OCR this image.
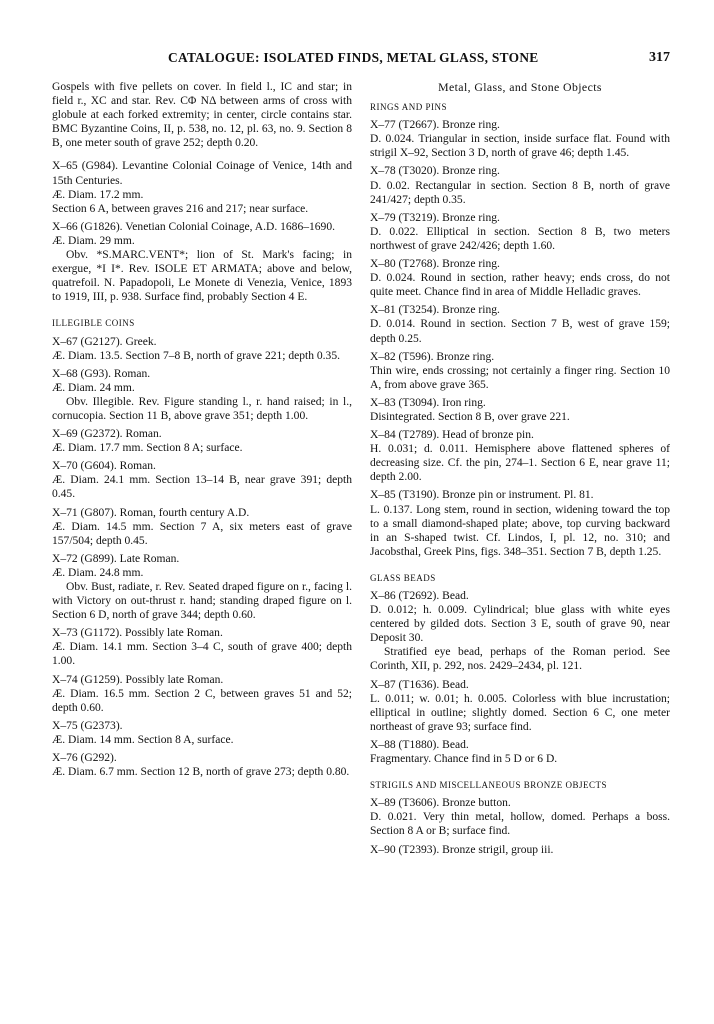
CATALOGUE: ISOLATED FINDS, METAL GLASS, STONE	317

Gospels with five pellets on cover. In field l., IC and star; in field r., XC and star. Rev. CΦ NΔ between arms of cross with globule at each forked extremity; in center, circle contains star. BMC Byzantine Coins, II, p. 538, no. 12, pl. 63, no. 9. Section 8 B, one meter south of grave 252; depth 0.20.

X–65 (G984). Levantine Colonial Coinage of Venice, 14th and 15th Centuries.

Æ. Diam. 17.2 mm.

Section 6 A, between graves 216 and 217; near surface.

X–66 (G1826). Venetian Colonial Coinage, A.D. 1686–1690.

Æ. Diam. 29 mm.

Obv. *S.MARC.VENT*; lion of St. Mark's facing; in exergue, *I I*. Rev. ISOLE ET ARMATA; above and below, quatrefoil. N. Papadopoli, Le Monete di Venezia, Venice, 1893 to 1919, III, p. 938. Surface find, probably Section 4 E.

ILLEGIBLE COINS

X–67 (G2127). Greek.

Æ. Diam. 13.5. Section 7–8 B, north of grave 221; depth 0.35.

X–68 (G93). Roman.

Æ. Diam. 24 mm.

Obv. Illegible. Rev. Figure standing l., r. hand raised; in l., cornucopia. Section 11 B, above grave 351; depth 1.00.

X–69 (G2372). Roman.

Æ. Diam. 17.7 mm. Section 8 A; surface.

X–70 (G604). Roman.

Æ. Diam. 24.1 mm. Section 13–14 B, near grave 391; depth 0.45.

X–71 (G807). Roman, fourth century A.D.

Æ. Diam. 14.5 mm. Section 7 A, six meters east of grave 157/504; depth 0.45.

X–72 (G899). Late Roman.

Æ. Diam. 24.8 mm.

Obv. Bust, radiate, r. Rev. Seated draped figure on r., facing l. with Victory on out-thrust r. hand; standing draped figure on l. Section 6 D, north of grave 344; depth 0.60.

X–73 (G1172). Possibly late Roman.

Æ. Diam. 14.1 mm. Section 3–4 C, south of grave 400; depth 1.00.

X–74 (G1259). Possibly late Roman.

Æ. Diam. 16.5 mm. Section 2 C, between graves 51 and 52; depth 0.60.

X–75 (G2373).

Æ. Diam. 14 mm. Section 8 A, surface.

X–76 (G292).

Æ. Diam. 6.7 mm. Section 12 B, north of grave 273; depth 0.80.

Metal, Glass, and Stone Objects

RINGS AND PINS

X–77 (T2667). Bronze ring.

D. 0.024. Triangular in section, inside surface flat. Found with strigil X–92, Section 3 D, north of grave 46; depth 1.45.

X–78 (T3020). Bronze ring.

D. 0.02. Rectangular in section. Section 8 B, north of grave 241/427; depth 0.35.

X–79 (T3219). Bronze ring.

D. 0.022. Elliptical in section. Section 8 B, two meters northwest of grave 242/426; depth 1.60.

X–80 (T2768). Bronze ring.

D. 0.024. Round in section, rather heavy; ends cross, do not quite meet. Chance find in area of Middle Helladic graves.

X–81 (T3254). Bronze ring.

D. 0.014. Round in section. Section 7 B, west of grave 159; depth 0.25.

X–82 (T596). Bronze ring.

Thin wire, ends crossing; not certainly a finger ring. Section 10 A, from above grave 365.

X–83 (T3094). Iron ring.

Disintegrated. Section 8 B, over grave 221.

X–84 (T2789). Head of bronze pin.

H. 0.031; d. 0.011. Hemisphere above flattened spheres of decreasing size. Cf. the pin, 274–1. Section 6 E, near grave 11; depth 2.00.

X–85 (T3190). Bronze pin or instrument. Pl. 81.

L. 0.137. Long stem, round in section, widening toward the top to a small diamond-shaped plate; above, top curving backward in an S-shaped twist. Cf. Lindos, I, pl. 12, no. 310; and Jacobsthal, Greek Pins, figs. 348–351. Section 7 B, depth 1.25.

GLASS BEADS

X–86 (T2692). Bead.

D. 0.012; h. 0.009. Cylindrical; blue glass with white eyes centered by gilded dots. Section 3 E, south of grave 90, near Deposit 30.

Stratified eye bead, perhaps of the Roman period. See Corinth, XII, p. 292, nos. 2429–2434, pl. 121.

X–87 (T1636). Bead.

L. 0.011; w. 0.01; h. 0.005. Colorless with blue incrustation; elliptical in outline; slightly domed. Section 6 C, one meter northeast of grave 93; surface find.

X–88 (T1880). Bead.

Fragmentary. Chance find in 5 D or 6 D.

STRIGILS AND MISCELLANEOUS BRONZE OBJECTS

X–89 (T3606). Bronze button.

D. 0.021. Very thin metal, hollow, domed. Perhaps a boss. Section 8 A or B; surface find.

X–90 (T2393). Bronze strigil, group iii.
